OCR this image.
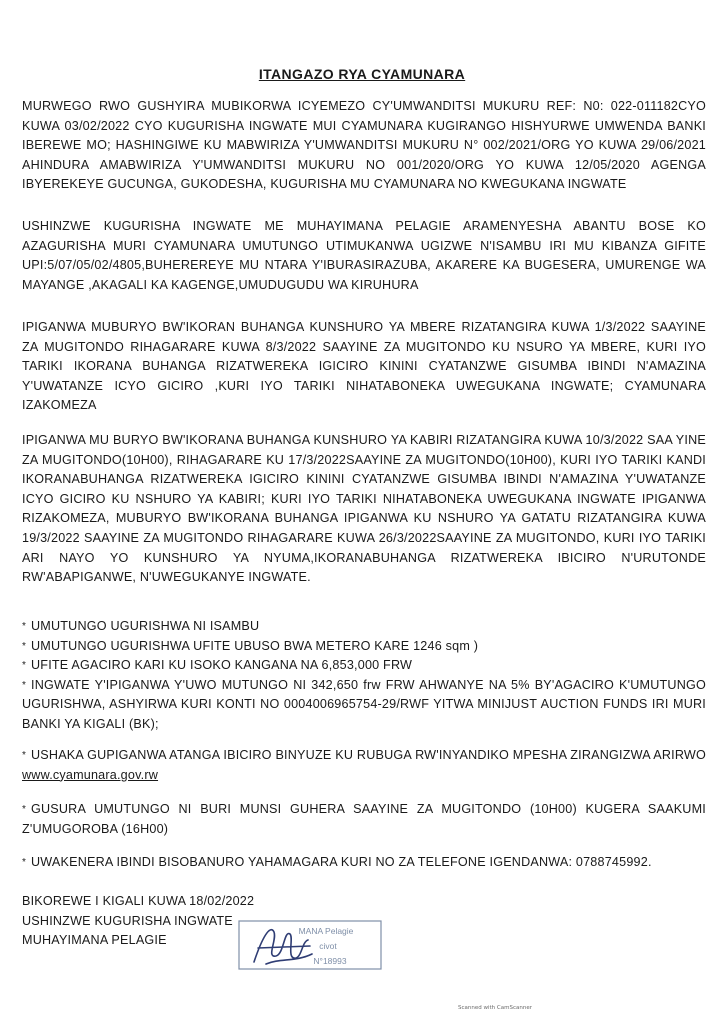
ITANGAZO RYA CYAMUNARA
MURWEGO RWO GUSHYIRA MUBIKORWA ICYEMEZO CY'UMWANDITSI MUKURU REF: N0: 022-011182CYO KUWA 03/02/2022 CYO KUGURISHA INGWATE MUI CYAMUNARA KUGIRANGO HISHYURWE UMWENDA BANKI IBEREWE MO; HASHINGIWE KU MABWIRIZA Y'UMWANDITSI MUKURU N° 002/2021/ORG YO KUWA 29/06/2021 AHINDURA AMABWIRIZA Y'UMWANDITSI MUKURU NO 001/2020/ORG YO KUWA 12/05/2020 AGENGA IBYEREKEYE GUCUNGA, GUKODESHA, KUGURISHA MU CYAMUNARA NO KWEGUKANA INGWATE
USHINZWE KUGURISHA INGWATE ME MUHAYIMANA PELAGIE ARAMENYESHA ABANTU BOSE KO AZAGURISHA MURI CYAMUNARA UMUTUNGO UTIMUKANWA UGIZWE N'ISAMBU IRI MU KIBANZA GIFITE UPI:5/07/05/02/4805,BUHEREREYE MU NTARA Y'IBURASIRAZUBA, AKARERE KA BUGESERA, UMURENGE WA MAYANGE ,AKAGALI KA KAGENGE,UMUDUGUDU WA KIRUHURA
IPIGANWA MUBURYO BW'IKORAN BUHANGA KUNSHURO YA MBERE RIZATANGIRA KUWA 1/3/2022 SAAYINE ZA MUGITONDO RIHAGARARE KUWA 8/3/2022 SAAYINE ZA MUGITONDO KU NSURO YA MBERE, KURI IYO TARIKI IKORANA BUHANGA RIZATWEREKA IGICIRO KININI CYATANZWE GISUMBA IBINDI N'AMAZINA Y'UWATANZE ICYO GICIRO ,KURI IYO TARIKI NIHATABONEKA UWEGUKANA INGWATE; CYAMUNARA IZAKOMEZA
IPIGANWA MU BURYO BW'IKORANA BUHANGA KUNSHURO YA KABIRI RIZATANGIRA KUWA 10/3/2022 SAA YINE ZA MUGITONDO(10H00), RIHAGARARE KU 17/3/2022SAAYINE ZA MUGITONDO(10H00), KURI IYO TARIKI KANDI IKORANABUHANGA RIZATWEREKA IGICIRO KININI CYATANZWE GISUMBA IBINDI N'AMAZINA Y'UWATANZE ICYO GICIRO KU NSHURO YA KABIRI; KURI IYO TARIKI NIHATABONEKA UWEGUKANA INGWATE IPIGANWA RIZAKOMEZA, MUBURYO BW'IKORANA BUHANGA IPIGANWA KU NSHURO YA GATATU RIZATANGIRA KUWA 19/3/2022 SAAYINE ZA MUGITONDO RIHAGARARE KUWA 26/3/2022SAAYINE ZA MUGITONDO, KURI IYO TARIKI ARI NAYO YO KUNSHURO YA NYUMA,IKORANABUHANGA RIZATWEREKA IBICIRO N'URUTONDE RW'ABAPIGANWE, N'UWEGUKANYE INGWATE.
* UMUTUNGO UGURISHWA NI ISAMBU
* UMUTUNGO UGURISHWA UFITE UBUSO BWA METERO KARE 1246 sqm )
* UFITE AGACIRO KARI KU ISOKO KANGANA NA 6,853,000 FRW
* INGWATE Y'IPIGANWA Y'UWO MUTUNGO NI 342,650 frw FRW AHWANYE NA 5% BY'AGACIRO K'UMUTUNGO UGURISHWA, ASHYIRWA KURI KONTI NO 0004006965754-29/RWF YITWA MINIJUST AUCTION FUNDS IRI MURI BANKI YA KIGALI (BK);
* USHAKA GUPIGANWA ATANGA IBICIRO BINYUZE KU RUBUGA RW'INYANDIKO MPESHA ZIRANGIZWA ARIRWO www.cyamunara.gov.rw
* GUSURA UMUTUNGO NI BURI MUNSI GUHERA SAAYINE ZA MUGITONDO (10H00) KUGERA SAAKUMI Z'UMUGOROBA (16H00)
* UWAKENERA IBINDI BISOBANURO YAHAMAGARA KURI NO ZA TELEFONE IGENDANWA: 0788745992.
BIKOREWE I KIGALI KUWA 18/02/2022
USHINZWE KUGURISHA INGWATE
MUHAYIMANA PELAGIE
MANA Pelagie
civot
N°18993
Scanned with CamScanner
